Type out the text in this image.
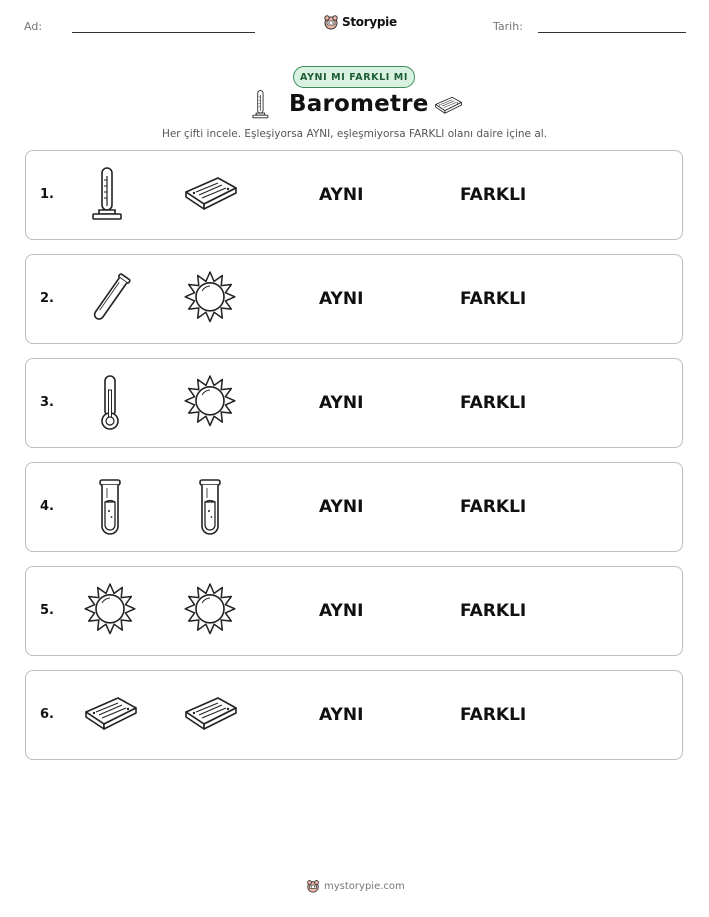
Ad:	Storypie	Tarih:
AYNI MI FARKLI MI
Barometre
Her çifti incele. Eşleşiyorsa AYNI, eşleşmiyorsa FARKLI olanı daire içine al.
1.	AYNI	FARKLI
2.	AYNI	FARKLI
3.	AYNI	FARKLI
4.	AYNI	FARKLI
5.	AYNI	FARKLI
6.	AYNI	FARKLI
mystorypie.com
